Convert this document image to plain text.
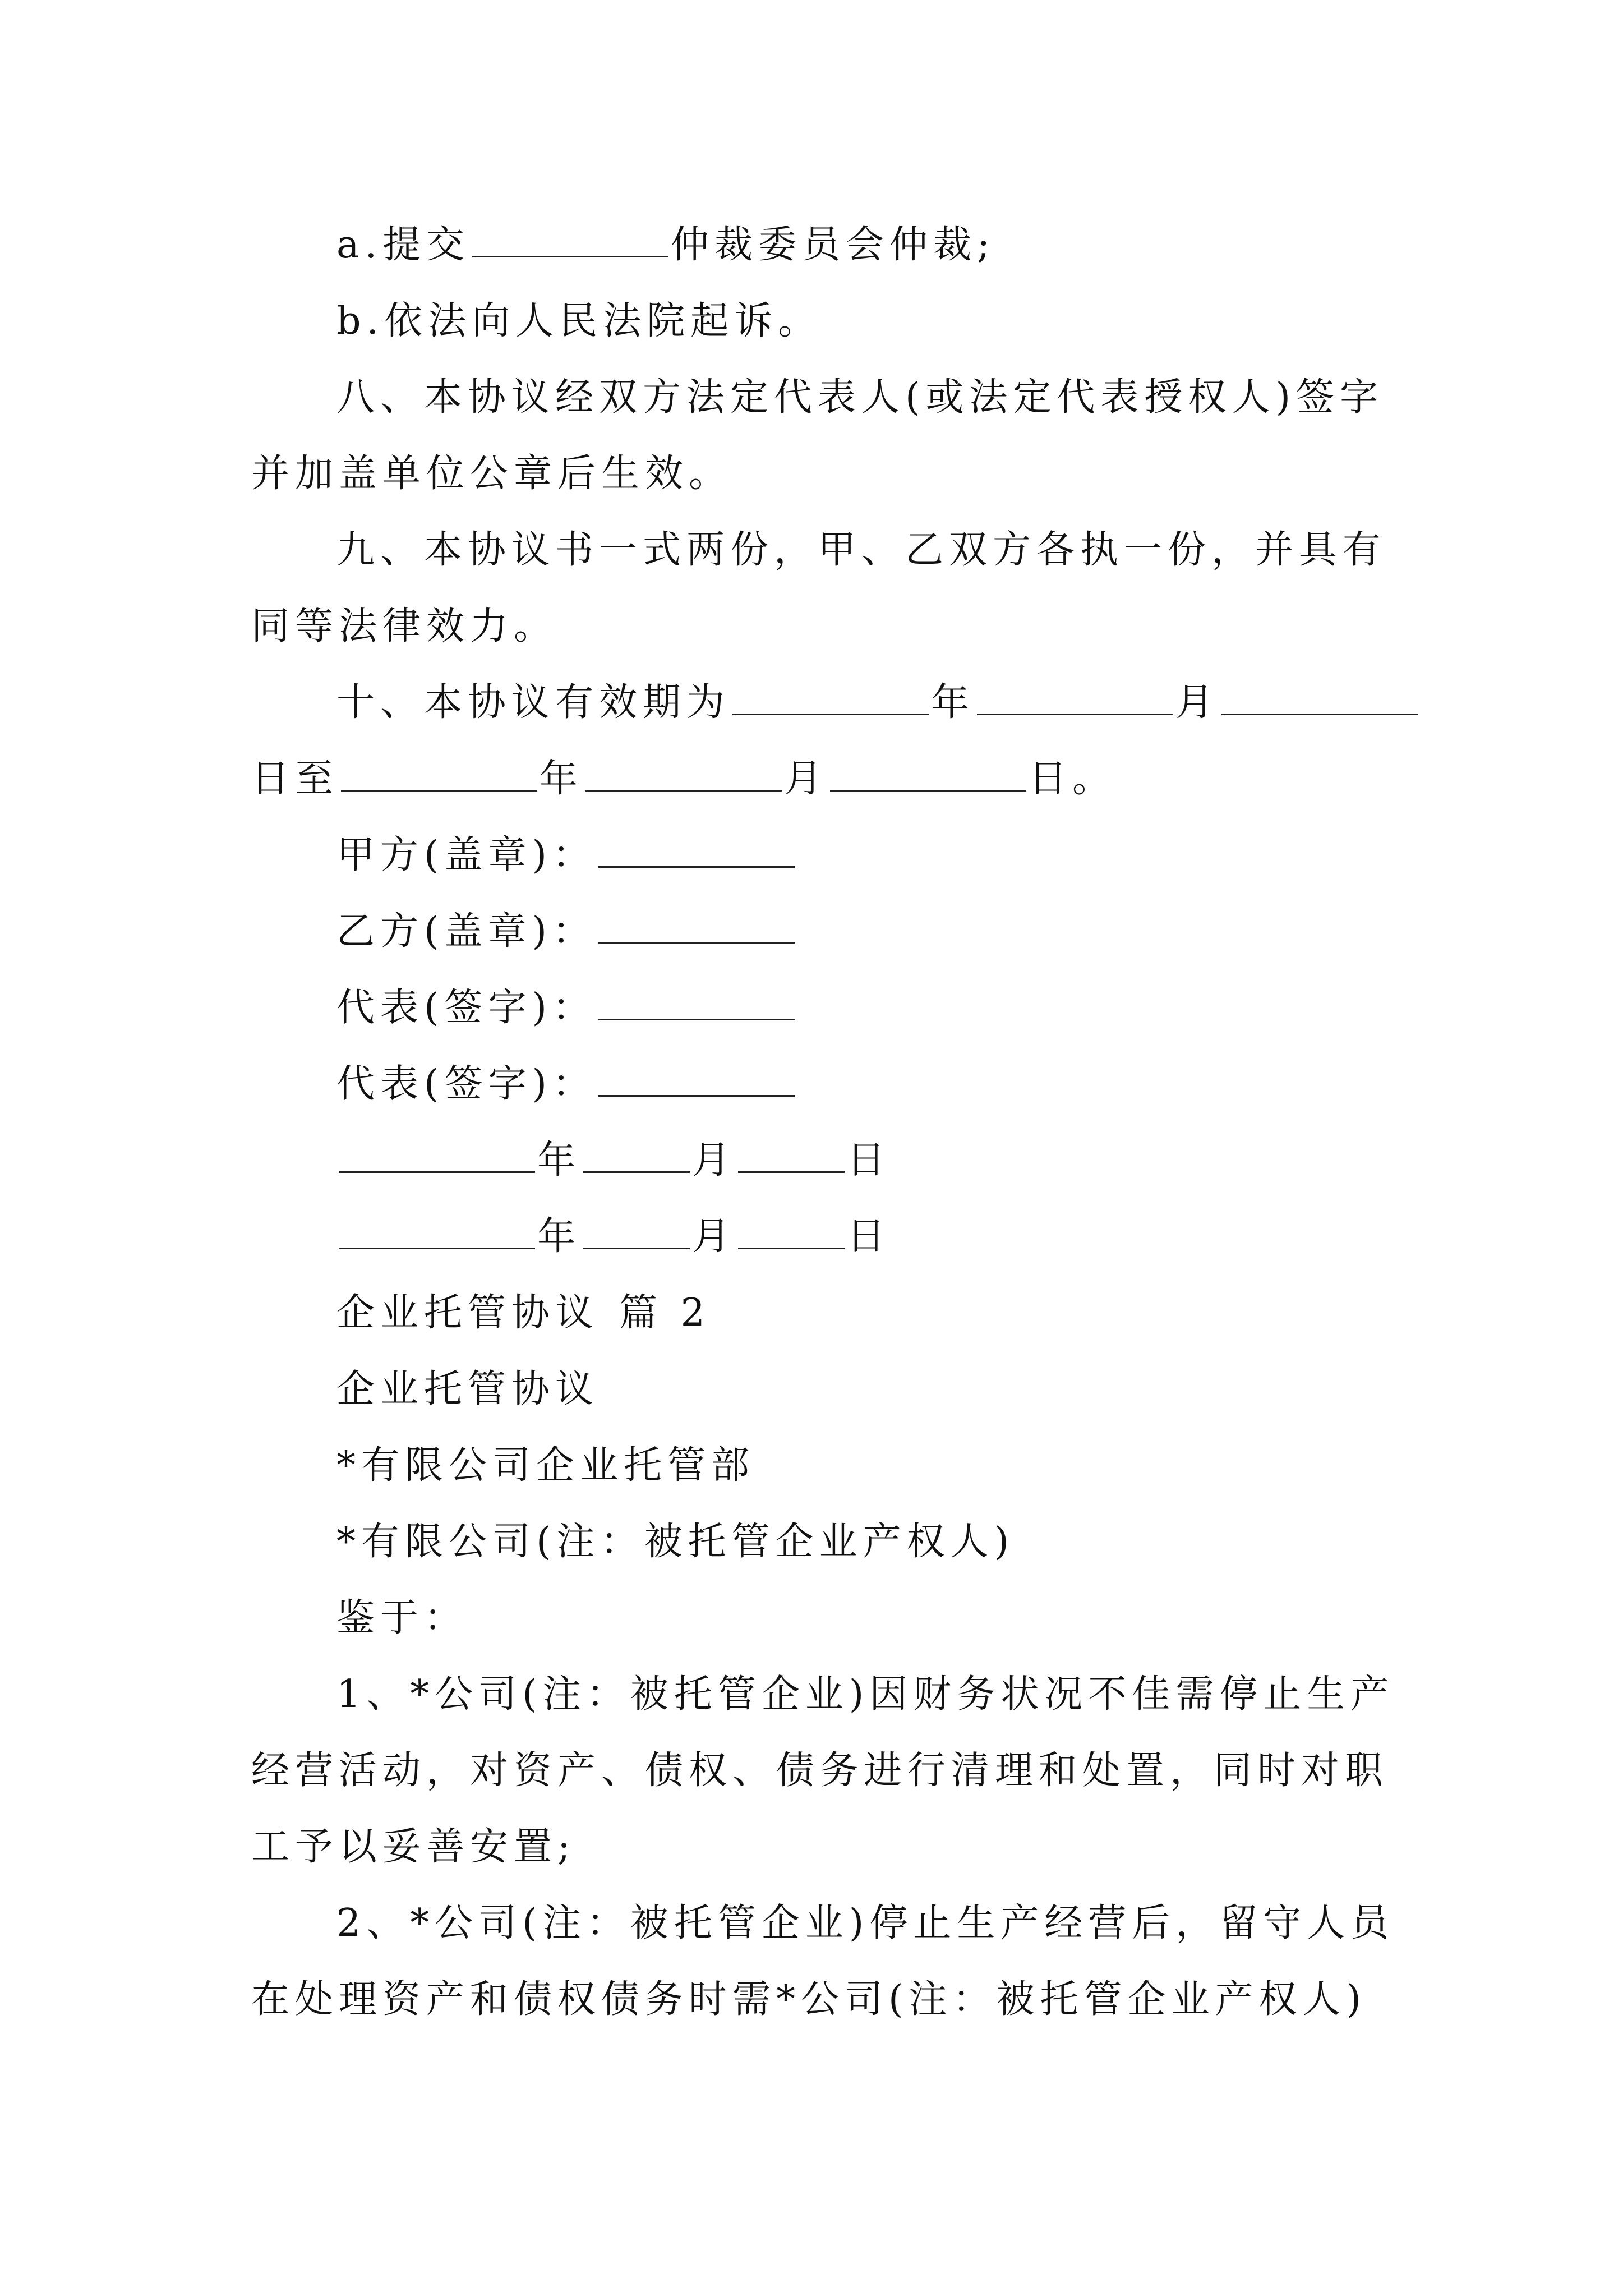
a.提交	仲裁委员会仲裁;
b.依法向人民法院起诉。
八、本协议经双方法定代表人(或法定代表授权人)签字
并加盖单位公章后生效。
九、本协议书一式两份，甲、乙双方各执一份，并具有
同等法律效力。
十、本协议有效期为	年	月
日至	年	月	日。
甲方(盖章)：
乙方(盖章)：
代表(签字)：
代表(签字)：
年	月	日
年	月	日
企业托管协议 篇 2
企业托管协议
*有限公司企业托管部
*有限公司(注：被托管企业产权人)
鉴于：
1、*公司(注：被托管企业)因财务状况不佳需停止生产
经营活动，对资产、债权、债务进行清理和处置，同时对职
工予以妥善安置;
2、*公司(注：被托管企业)停止生产经营后，留守人员
在处理资产和债权债务时需*公司(注：被托管企业产权人)
